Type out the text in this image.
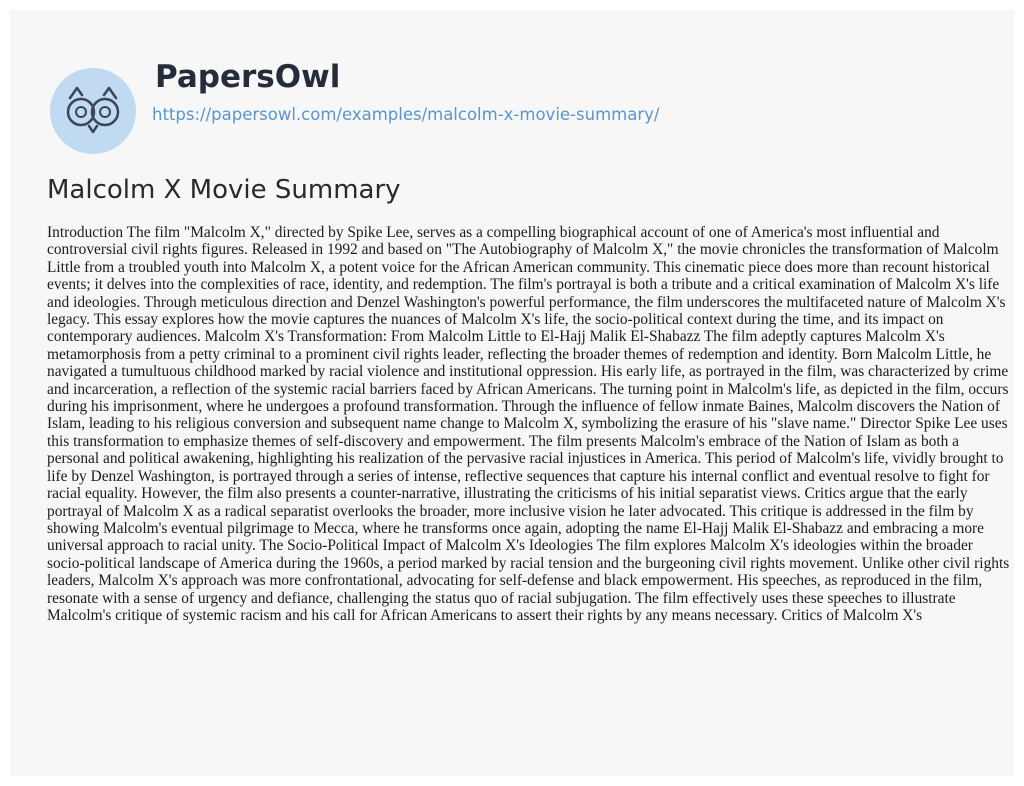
PapersOwl
https://papersowl.com/examples/malcolm-x-movie-summary/
Malcolm X Movie Summary

Introduction The film "Malcolm X," directed by Spike Lee, serves as a compelling biographical account of one of America's most influential and controversial civil rights figures. Released in 1992 and based on "The Autobiography of Malcolm X," the movie chronicles the transformation of Malcolm Little from a troubled youth into Malcolm X, a potent voice for the African American community. This cinematic piece does more than recount historical events; it delves into the complexities of race, identity, and redemption. The film's portrayal is both a tribute and a critical examination of Malcolm X's life and ideologies. Through meticulous direction and Denzel Washington's powerful performance, the film underscores the multifaceted nature of Malcolm X's legacy. This essay explores how the movie captures the nuances of Malcolm X's life, the socio-political context during the time, and its impact on contemporary audiences. Malcolm X's Transformation: From Malcolm Little to El-Hajj Malik El-Shabazz The film adeptly captures Malcolm X's metamorphosis from a petty criminal to a prominent civil rights leader, reflecting the broader themes of redemption and identity. Born Malcolm Little, he navigated a tumultuous childhood marked by racial violence and institutional oppression. His early life, as portrayed in the film, was characterized by crime and incarceration, a reflection of the systemic racial barriers faced by African Americans. The turning point in Malcolm's life, as depicted in the film, occurs during his imprisonment, where he undergoes a profound transformation. Through the influence of fellow inmate Baines, Malcolm discovers the Nation of Islam, leading to his religious conversion and subsequent name change to Malcolm X, symbolizing the erasure of his "slave name." Director Spike Lee uses this transformation to emphasize themes of self-discovery and empowerment. The film presents Malcolm's embrace of the Nation of Islam as both a personal and political awakening, highlighting his realization of the pervasive racial injustices in America. This period of Malcolm's life, vividly brought to life by Denzel Washington, is portrayed through a series of intense, reflective sequences that capture his internal conflict and eventual resolve to fight for racial equality. However, the film also presents a counter-narrative, illustrating the criticisms of his initial separatist views. Critics argue that the early portrayal of Malcolm X as a radical separatist overlooks the broader, more inclusive vision he later advocated. This critique is addressed in the film by showing Malcolm's eventual pilgrimage to Mecca, where he transforms once again, adopting the name El-Hajj Malik El-Shabazz and embracing a more universal approach to racial unity. The Socio-Political Impact of Malcolm X's Ideologies The film explores Malcolm X's ideologies within the broader socio-political landscape of America during the 1960s, a period marked by racial tension and the burgeoning civil rights movement. Unlike other civil rights leaders, Malcolm X's approach was more confrontational, advocating for self-defense and black empowerment. His speeches, as reproduced in the film, resonate with a sense of urgency and defiance, challenging the status quo of racial subjugation. The film effectively uses these speeches to illustrate Malcolm's critique of systemic racism and his call for African Americans to assert their rights by any means necessary. Critics of Malcolm X's
